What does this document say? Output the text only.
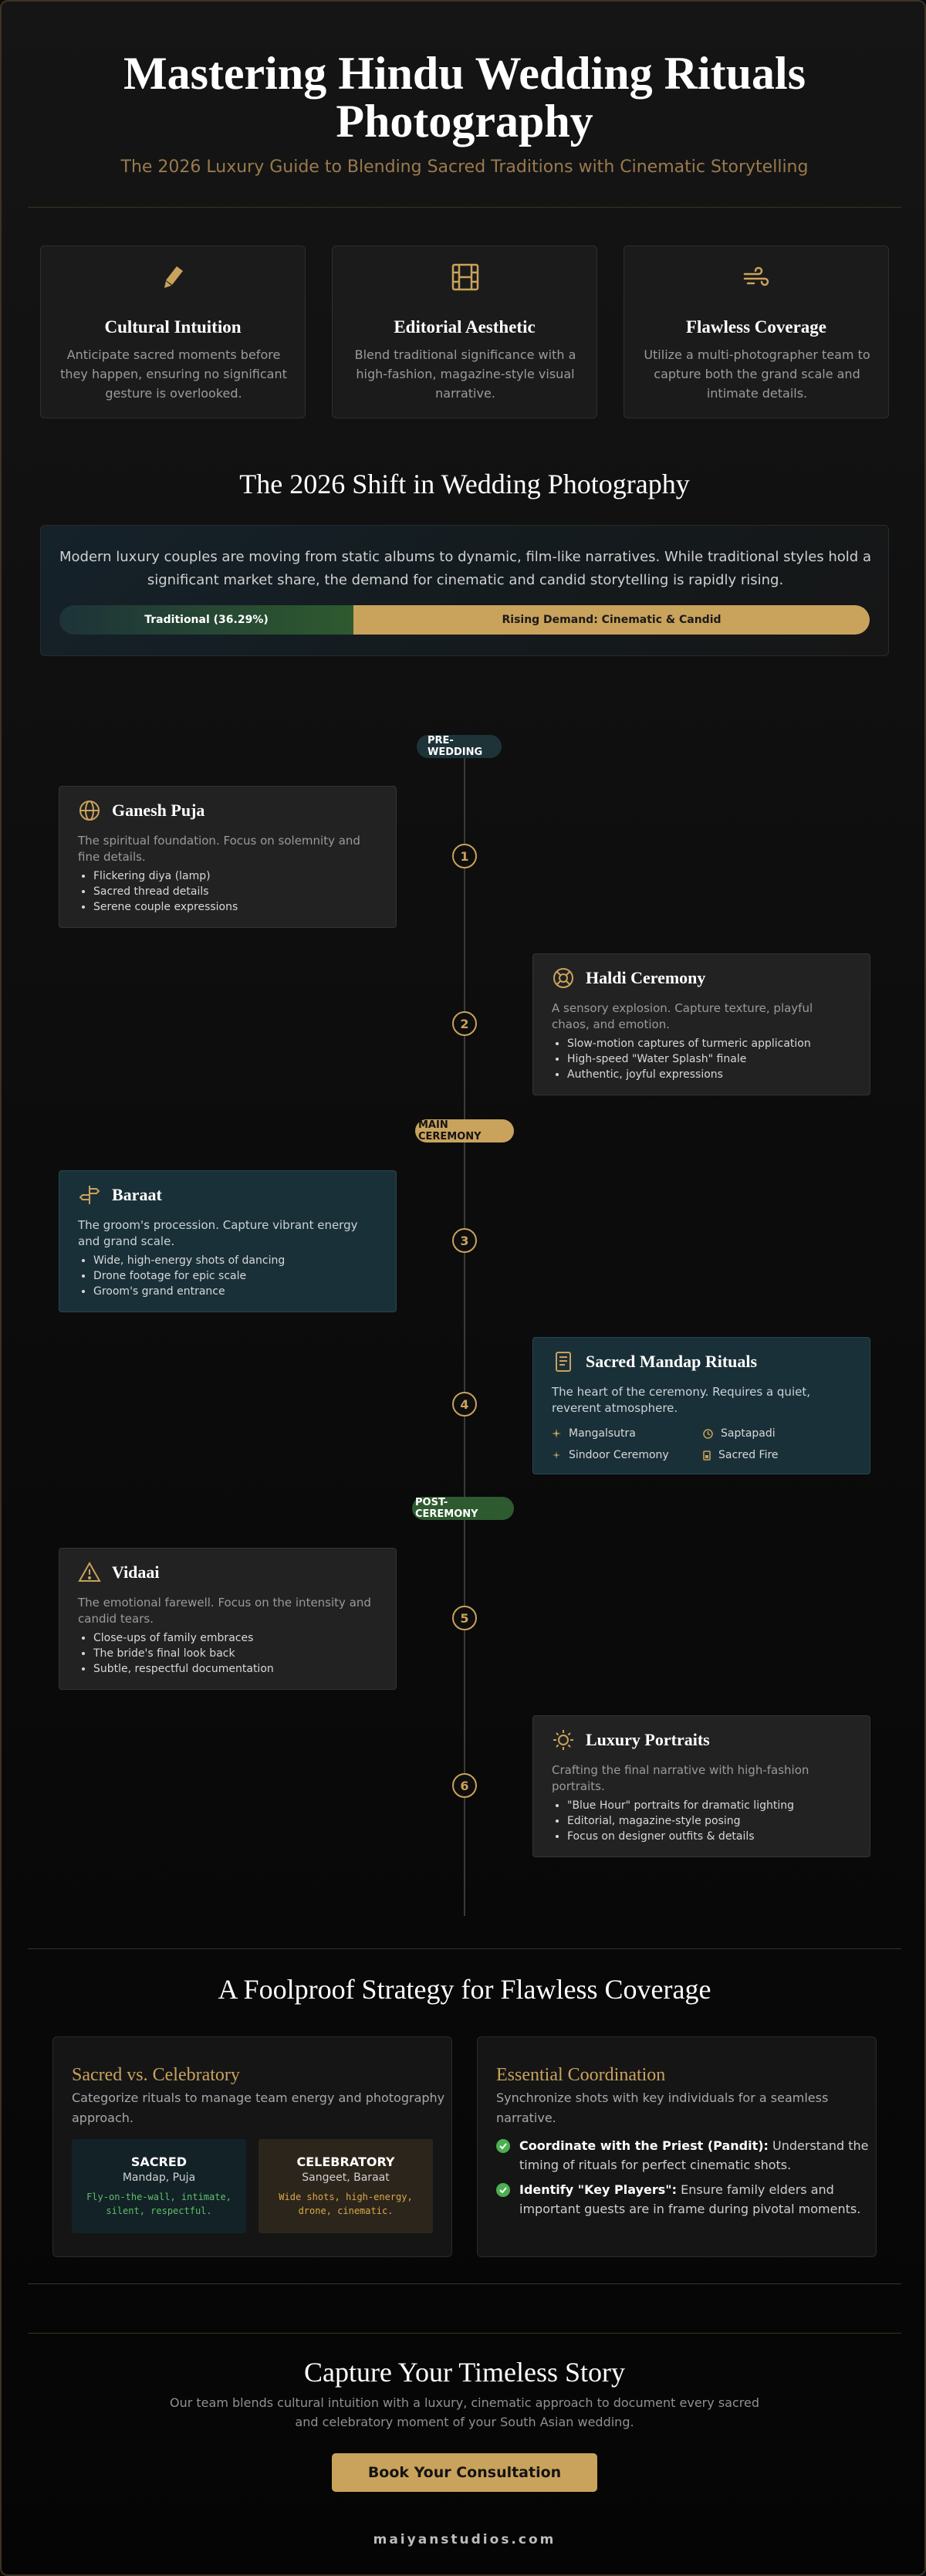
Mastering Hindu Wedding Rituals
Photography
The 2026 Luxury Guide to Blending Sacred Traditions with Cinematic Storytelling
Cultural Intuition

Anticipate sacred moments before they happen, ensuring no significant gesture is overlooked.

Editorial Aesthetic

Blend traditional significance with a high-fashion, magazine-style visual narrative.

Flawless Coverage

Utilize a multi-photographer team to capture both the grand scale and intimate details.

The 2026 Shift in Wedding Photography

Modern luxury couples are moving from static albums to dynamic, film-like narratives. While traditional styles hold a significant market share, the demand for cinematic and candid storytelling is rapidly rising.

Traditional (36.29%)	Rising Demand: Cinematic & Candid
PRE-
WEDDING
MAIN
CEREMONY
POST-
CEREMONY
1
2
3
4
5
6
Ganesh Puja
The spiritual foundation. Focus on solemnity and fine details.
• Flickering diya (lamp)
• Sacred thread details
• Serene couple expressions
Haldi Ceremony
A sensory explosion. Capture texture, playful chaos, and emotion.
• Slow-motion captures of turmeric application
• High-speed "Water Splash" finale
• Authentic, joyful expressions
Baraat
The groom's procession. Capture vibrant energy and grand scale.
• Wide, high-energy shots of dancing
• Drone footage for epic scale
• Groom's grand entrance
Sacred Mandap Rituals
The heart of the ceremony. Requires a quiet, reverent atmosphere.
Mangalsutra	Saptapadi
Sindoor Ceremony	Sacred Fire
Vidaai
The emotional farewell. Focus on the intensity and candid tears.
• Close-ups of family embraces
• The bride's final look back
• Subtle, respectful documentation
Luxury Portraits
Crafting the final narrative with high-fashion portraits.
• "Blue Hour" portraits for dramatic lighting
• Editorial, magazine-style posing
• Focus on designer outfits & details
A Foolproof Strategy for Flawless Coverage
Sacred vs. Celebratory
Categorize rituals to manage team energy and photography approach.
SACRED
Mandap, Puja
Fly-on-the-wall, intimate, silent, respectful.
CELEBRATORY
Sangeet, Baraat
Wide shots, high-energy, drone, cinematic.
Essential Coordination
Synchronize shots with key individuals for a seamless narrative.
Coordinate with the Priest (Pandit): Understand the timing of rituals for perfect cinematic shots.
Identify "Key Players": Ensure family elders and important guests are in frame during pivotal moments.
Capture Your Timeless Story
Our team blends cultural intuition with a luxury, cinematic approach to document every sacred and celebratory moment of your South Asian wedding.
Book Your Consultation
maiyanstudios.com
